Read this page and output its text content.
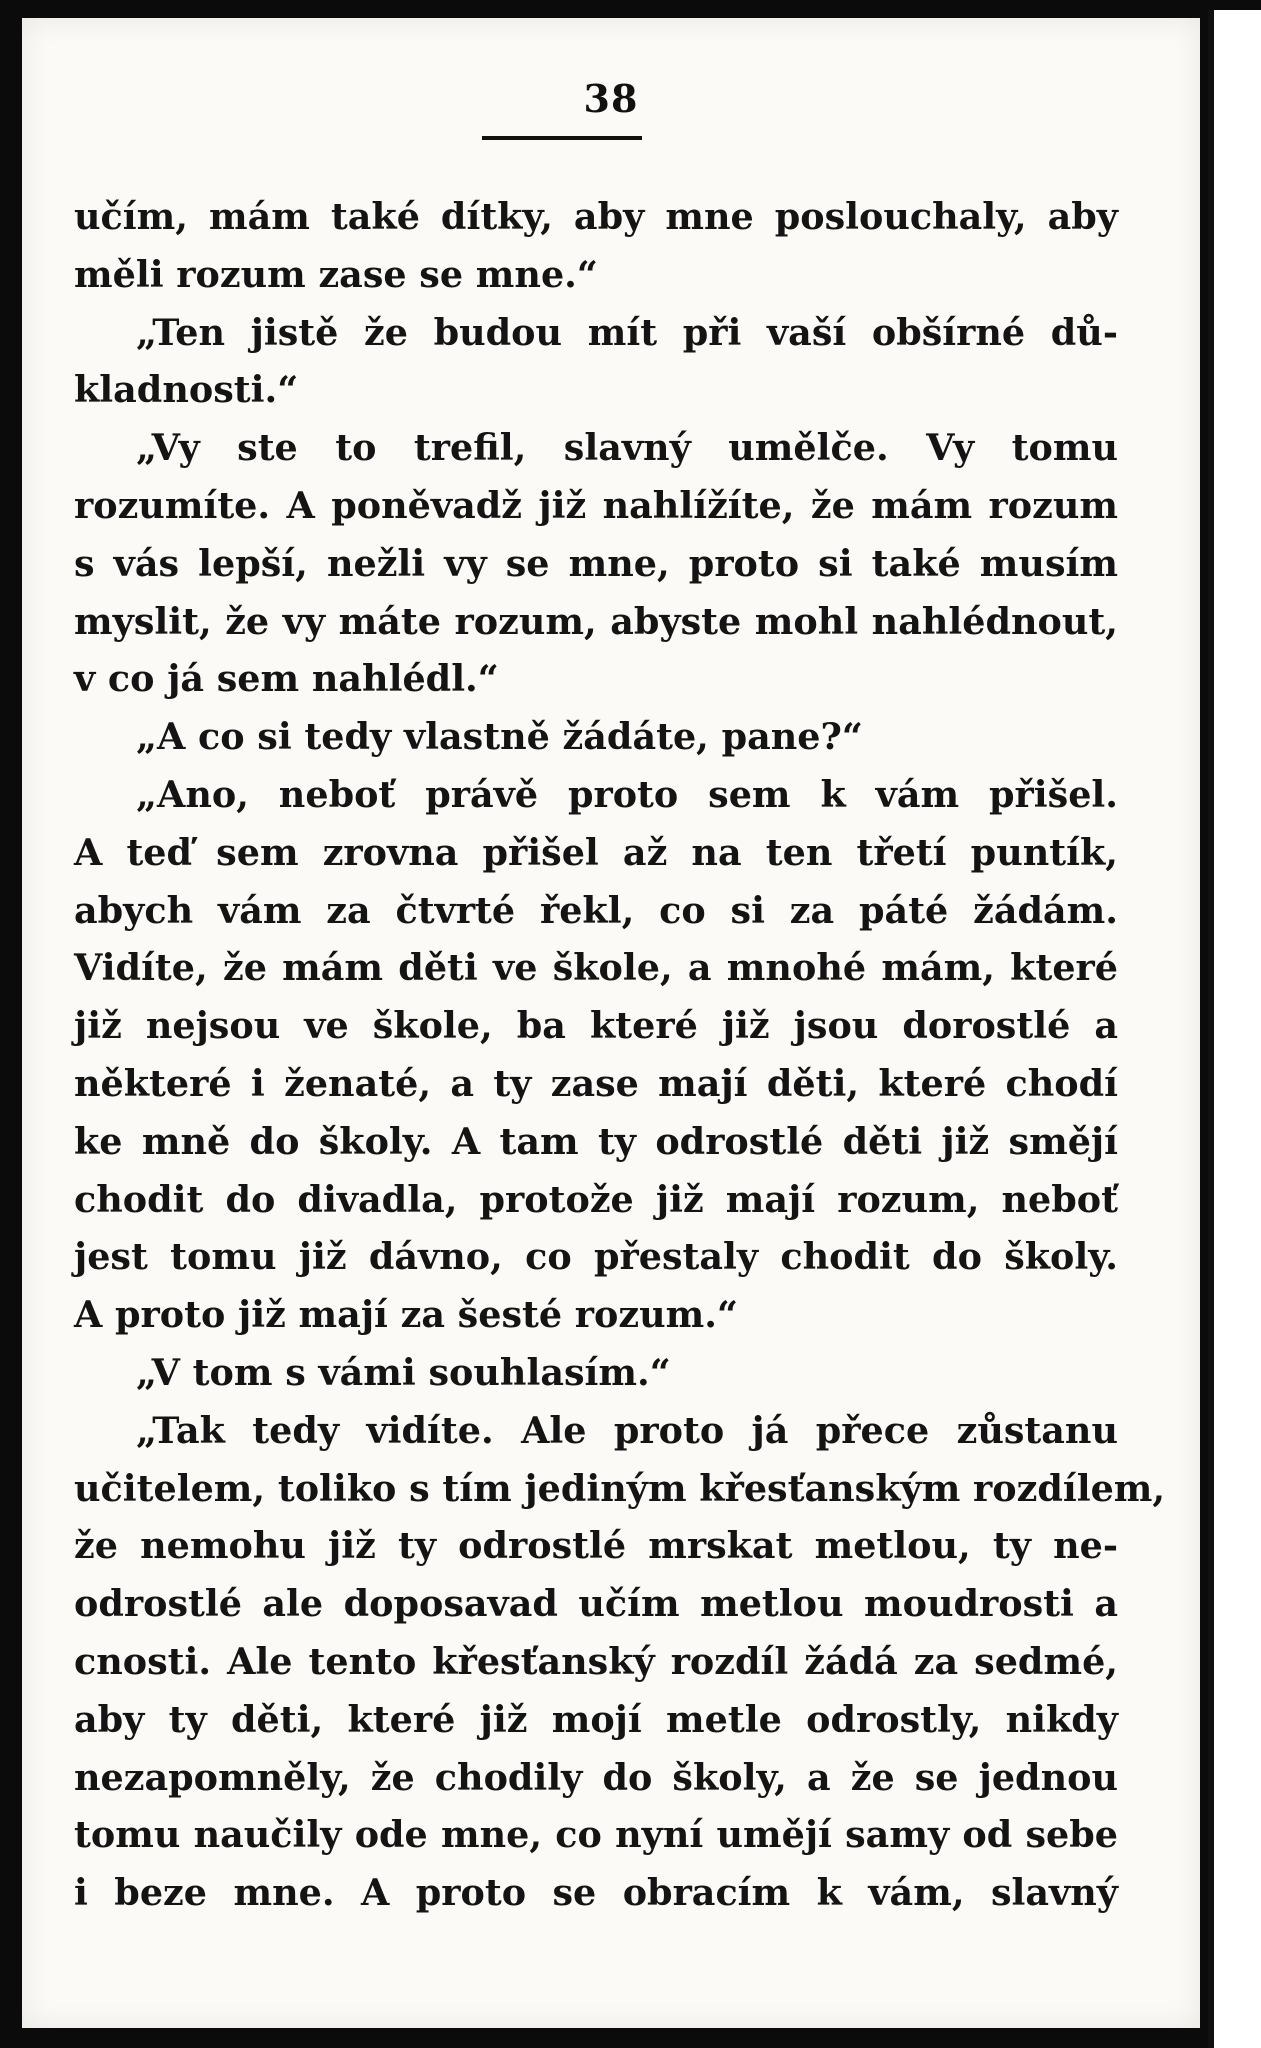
38
učím, mám také dítky, aby mne poslouchaly, aby
měli rozum zase se mne.“
„Ten jistě že budou mít při vaší obšírné dů-
kladnosti.“
„Vy ste to trefil, slavný umělče. Vy tomu
rozumíte. A poněvadž již nahlížíte, že mám rozum
s vás lepší, nežli vy se mne, proto si také musím
myslit, že vy máte rozum, abyste mohl nahlédnout,
v co já sem nahlédl.“
„A co si tedy vlastně žádáte, pane?“
„Ano, neboť právě proto sem k vám přišel.
A teď sem zrovna přišel až na ten třetí puntík,
abych vám za čtvrté řekl, co si za páté žádám.
Vidíte, že mám děti ve škole, a mnohé mám, které
již nejsou ve škole, ba které již jsou dorostlé a
některé i ženaté, a ty zase mají děti, které chodí
ke mně do školy. A tam ty odrostlé děti již smějí
chodit do divadla, protože již mají rozum, neboť
jest tomu již dávno, co přestaly chodit do školy.
A proto již mají za šesté rozum.“
„V tom s vámi souhlasím.“
„Tak tedy vidíte. Ale proto já přece zůstanu
učitelem, toliko s tím jediným křesťanským rozdílem,
že nemohu již ty odrostlé mrskat metlou, ty ne-
odrostlé ale doposavad učím metlou moudrosti a
cnosti. Ale tento křesťanský rozdíl žádá za sedmé,
aby ty děti, které již mojí metle odrostly, nikdy
nezapomněly, že chodily do školy, a že se jednou
tomu naučily ode mne, co nyní umějí samy od sebe
i beze mne. A proto se obracím k vám, slavný
